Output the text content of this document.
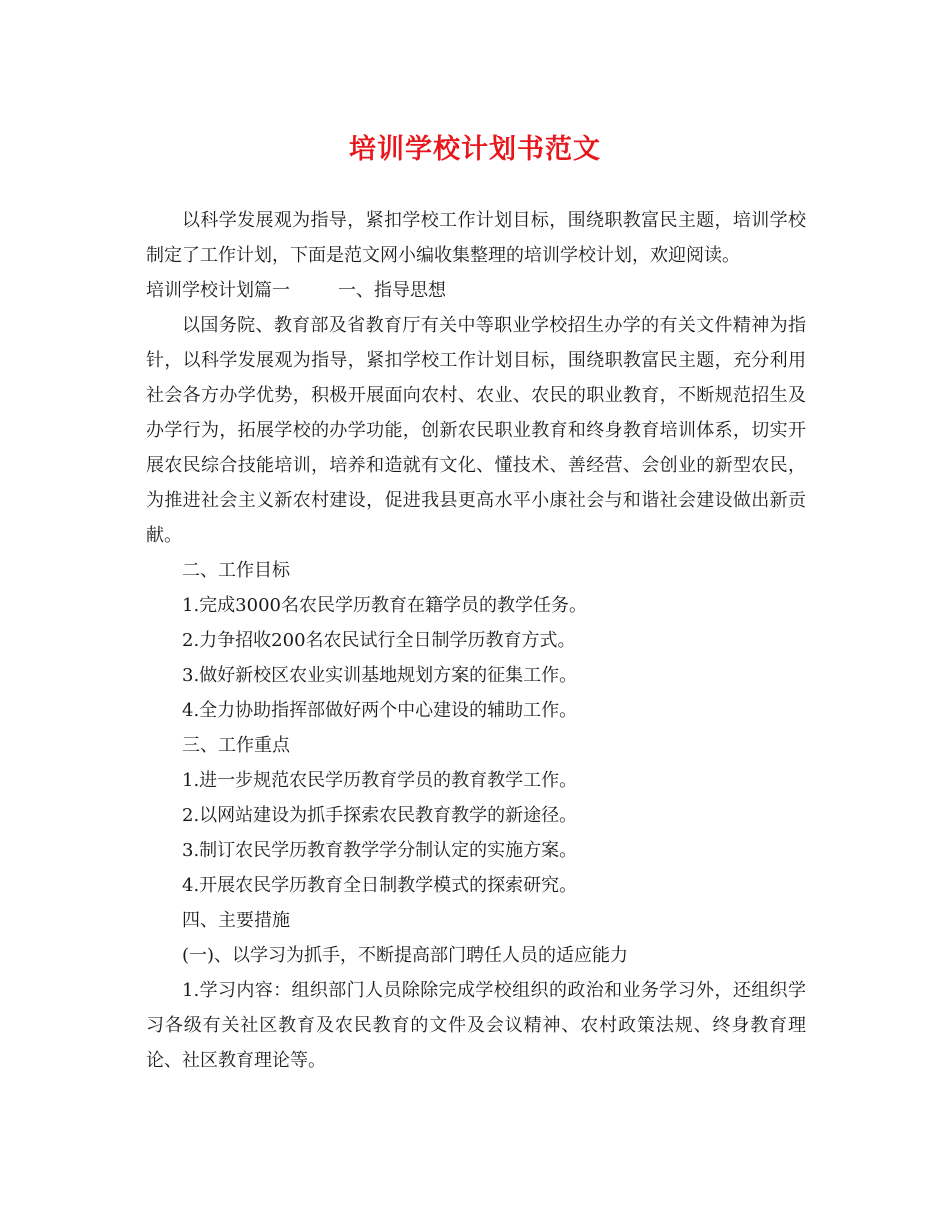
培训学校计划书范文

以科学发展观为指导，紧扣学校工作计划目标，围绕职教富民主题，培训学校制定了工作计划，下面是范文网小编收集整理的培训学校计划，欢迎阅读。

培训学校计划篇一	一、指导思想

以国务院、教育部及省教育厅有关中等职业学校招生办学的有关文件精神为指针，以科学发展观为指导，紧扣学校工作计划目标，围绕职教富民主题，充分利用社会各方办学优势，积极开展面向农村、农业、农民的职业教育，不断规范招生及办学行为，拓展学校的办学功能，创新农民职业教育和终身教育培训体系，切实开展农民综合技能培训，培养和造就有文化、懂技术、善经营、会创业的新型农民，为推进社会主义新农村建设，促进我县更高水平小康社会与和谐社会建设做出新贡献。

二、工作目标

1.完成3000名农民学历教育在籍学员的教学任务。

2.力争招收200名农民试行全日制学历教育方式。

3.做好新校区农业实训基地规划方案的征集工作。

4.全力协助指挥部做好两个中心建设的辅助工作。

三、工作重点

1.进一步规范农民学历教育学员的教育教学工作。

2.以网站建设为抓手探索农民教育教学的新途径。

3.制订农民学历教育教学学分制认定的实施方案。

4.开展农民学历教育全日制教学模式的探索研究。

四、主要措施

(一)、以学习为抓手，不断提高部门聘任人员的适应能力

1.学习内容：组织部门人员除除完成学校组织的政治和业务学习外，还组织学习各级有关社区教育及农民教育的文件及会议精神、农村政策法规、终身教育理论、社区教育理论等。
